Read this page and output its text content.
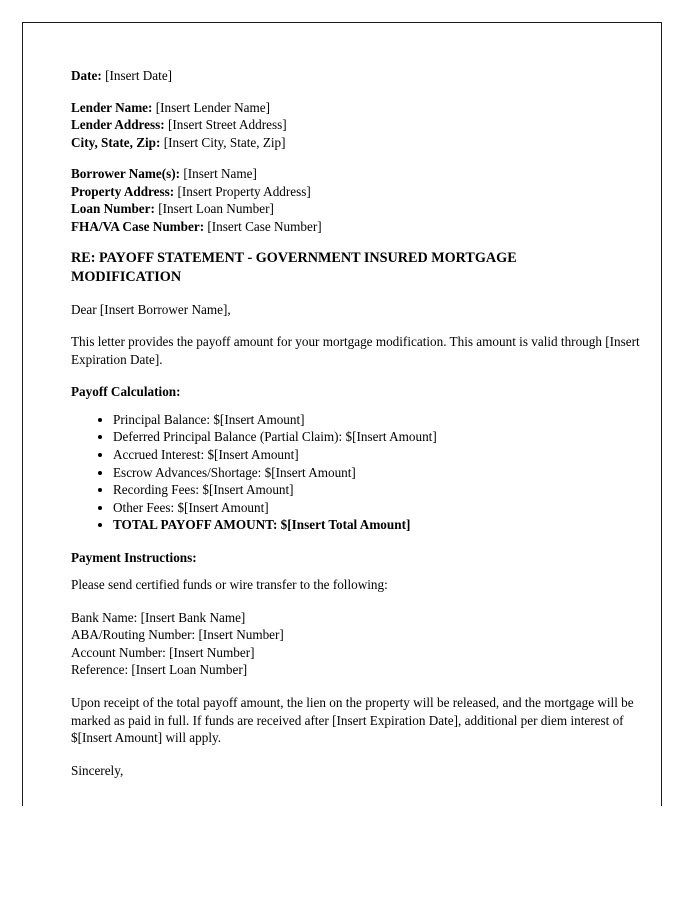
Date: [Insert Date]
Lender Name: [Insert Lender Name]
Lender Address: [Insert Street Address]
City, State, Zip: [Insert City, State, Zip]
Borrower Name(s): [Insert Name]
Property Address: [Insert Property Address]
Loan Number: [Insert Loan Number]
FHA/VA Case Number: [Insert Case Number]
RE: PAYOFF STATEMENT - GOVERNMENT INSURED MORTGAGE MODIFICATION
Dear [Insert Borrower Name],
This letter provides the payoff amount for your mortgage modification. This amount is valid through [Insert Expiration Date].
Payoff Calculation:
• Principal Balance: $[Insert Amount]
• Deferred Principal Balance (Partial Claim): $[Insert Amount]
• Accrued Interest: $[Insert Amount]
• Escrow Advances/Shortage: $[Insert Amount]
• Recording Fees: $[Insert Amount]
• Other Fees: $[Insert Amount]
• TOTAL PAYOFF AMOUNT: $[Insert Total Amount]
Payment Instructions:
Please send certified funds or wire transfer to the following:
Bank Name: [Insert Bank Name]
ABA/Routing Number: [Insert Number]
Account Number: [Insert Number]
Reference: [Insert Loan Number]
Upon receipt of the total payoff amount, the lien on the property will be released, and the mortgage will be marked as paid in full. If funds are received after [Insert Expiration Date], additional per diem interest of $[Insert Amount] will apply.
Sincerely,
